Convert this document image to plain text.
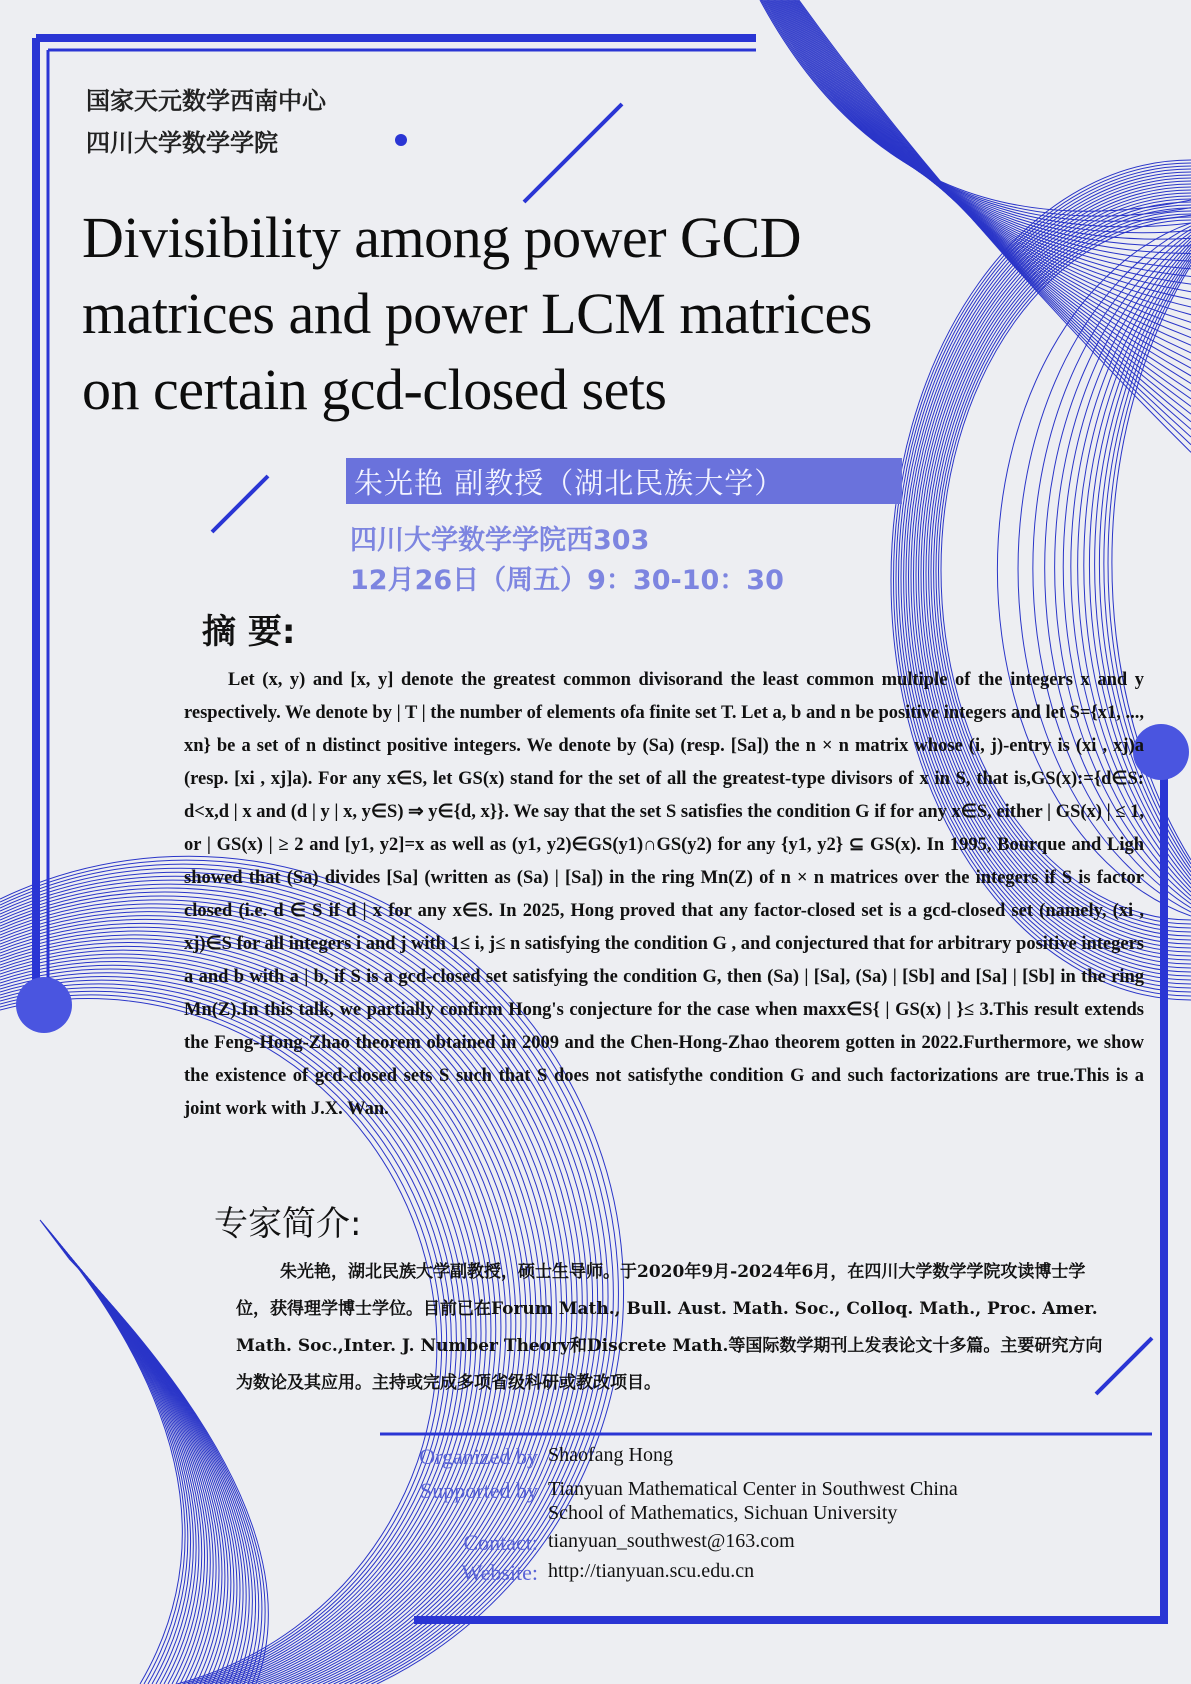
国家天元数学西南中心
四川大学数学学院
Divisibility among power GCD
matrices and power LCM matrices
on certain gcd-closed sets
朱光艳 副教授（湖北民族大学）
四川大学数学学院西303
12月26日（周五）9：30-10：30
摘 要:
Let (x, y) and [x, y] denote the greatest common divisorand the least common multiple of the integers x and y respectively. We denote by | T | the number of elements ofa finite set T. Let a, b and n be positive integers and let S={x1, ..., xn} be a set of n distinct positive integers. We denote by (Sa) (resp. [Sa]) the n × n matrix whose (i, j)-entry is (xi , xj)a (resp. [xi , xj]a). For any x∈S, let GS(x) stand for the set of all the greatest-type divisors of x in S, that is,GS(x):={d∈S: d<x,d | x and (d | y | x, y∈S) ⇒ y∈{d, x}}. We say that the set S satisfies the condition G if for any x∈S, either | GS(x) | ≤ 1, or | GS(x) | ≥ 2 and [y1, y2]=x as well as (y1, y2)∈GS(y1)∩GS(y2) for any {y1, y2} ⊆ GS(x). In 1995, Bourque and Ligh showed that (Sa) divides [Sa] (written as (Sa) | [Sa]) in the ring Mn(Z) of n × n matrices over the integers if S is factor closed (i.e. d ∈ S if d | x for any x∈S. In 2025, Hong proved that any factor-closed set is a gcd-closed set (namely, (xi , xj)∈S for all integers i and j with 1≤ i, j≤ n satisfying the condition G , and conjectured that for arbitrary positive integers a and b with a | b, if S is a gcd-closed set satisfying the condition G, then (Sa) | [Sa], (Sa) | [Sb] and [Sa] | [Sb] in the ring Mn(Z).In this talk, we partially confirm Hong's conjecture for the case when maxx∈S{ | GS(x) | }≤ 3.This result extends the Feng-Hong-Zhao theorem obtained in 2009 and the Chen-Hong-Zhao theorem gotten in 2022.Furthermore, we show the existence of gcd-closed sets S such that S does not satisfythe condition G and such factorizations are true.This is a joint work with J.X. Wan.
专家简介:
朱光艳，湖北民族大学副教授，硕士生导师。于2020年9月-2024年6月，在四川大学数学学院攻读博士学位，获得理学博士学位。目前已在Forum Math., Bull. Aust. Math. Soc., Colloq. Math., Proc. Amer. Math. Soc.,Inter. J. Number Theory和Discrete Math.等国际数学期刊上发表论文十多篇。主要研究方向为数论及其应用。主持或完成多项省级科研或教改项目。
Organized by Shaofang Hong
Supported by Tianyuan Mathematical Center in Southwest China
School of Mathematics, Sichuan University
Contact: tianyuan_southwest@163.com
Website: http://tianyuan.scu.edu.cn
